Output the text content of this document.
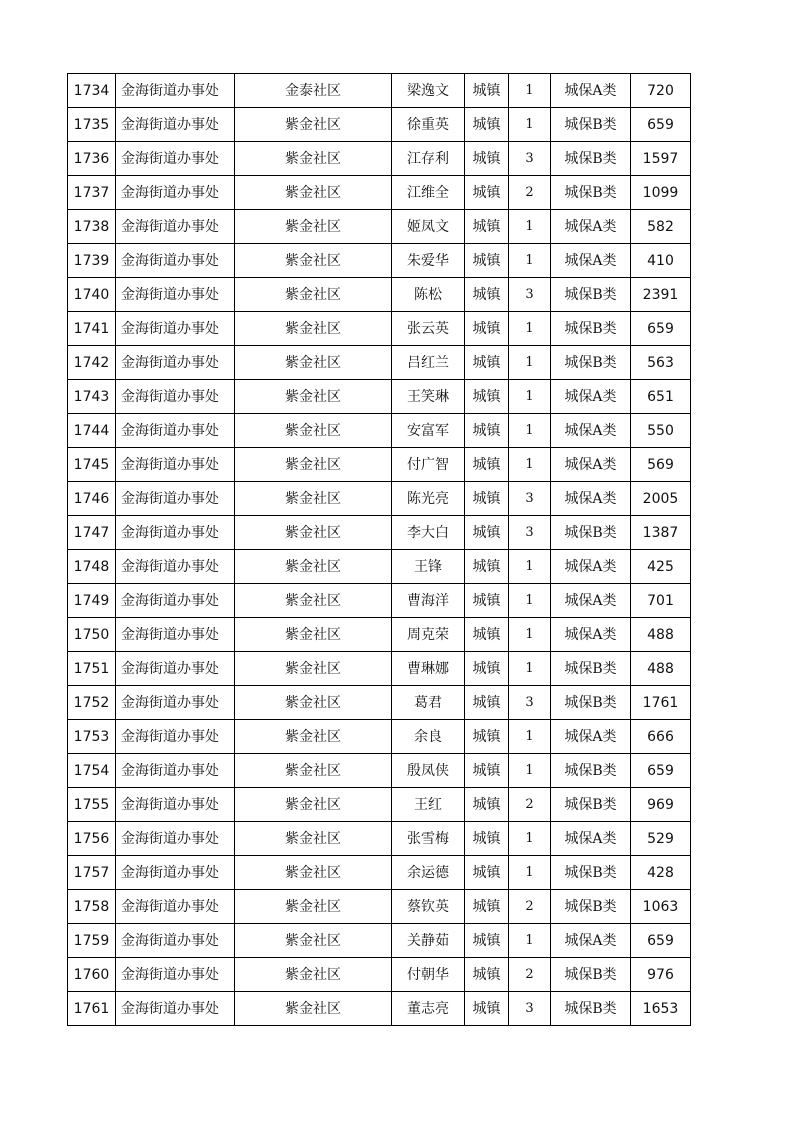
1734	金海街道办事处	金泰社区	梁逸文	城镇	1	城保A类	720
1735	金海街道办事处	紫金社区	徐重英	城镇	1	城保B类	659
1736	金海街道办事处	紫金社区	江存利	城镇	3	城保B类	1597
1737	金海街道办事处	紫金社区	江维全	城镇	2	城保B类	1099
1738	金海街道办事处	紫金社区	姬凤文	城镇	1	城保A类	582
1739	金海街道办事处	紫金社区	朱爱华	城镇	1	城保A类	410
1740	金海街道办事处	紫金社区	陈松	城镇	3	城保B类	2391
1741	金海街道办事处	紫金社区	张云英	城镇	1	城保B类	659
1742	金海街道办事处	紫金社区	吕红兰	城镇	1	城保B类	563
1743	金海街道办事处	紫金社区	王笑琳	城镇	1	城保A类	651
1744	金海街道办事处	紫金社区	安富军	城镇	1	城保A类	550
1745	金海街道办事处	紫金社区	付广智	城镇	1	城保A类	569
1746	金海街道办事处	紫金社区	陈光亮	城镇	3	城保A类	2005
1747	金海街道办事处	紫金社区	李大白	城镇	3	城保B类	1387
1748	金海街道办事处	紫金社区	王锋	城镇	1	城保A类	425
1749	金海街道办事处	紫金社区	曹海洋	城镇	1	城保A类	701
1750	金海街道办事处	紫金社区	周克荣	城镇	1	城保A类	488
1751	金海街道办事处	紫金社区	曹琳娜	城镇	1	城保B类	488
1752	金海街道办事处	紫金社区	葛君	城镇	3	城保B类	1761
1753	金海街道办事处	紫金社区	余良	城镇	1	城保A类	666
1754	金海街道办事处	紫金社区	殷凤侠	城镇	1	城保B类	659
1755	金海街道办事处	紫金社区	王红	城镇	2	城保B类	969
1756	金海街道办事处	紫金社区	张雪梅	城镇	1	城保A类	529
1757	金海街道办事处	紫金社区	余运德	城镇	1	城保B类	428
1758	金海街道办事处	紫金社区	蔡钦英	城镇	2	城保B类	1063
1759	金海街道办事处	紫金社区	关静茹	城镇	1	城保A类	659
1760	金海街道办事处	紫金社区	付朝华	城镇	2	城保B类	976
1761	金海街道办事处	紫金社区	董志亮	城镇	3	城保B类	1653
